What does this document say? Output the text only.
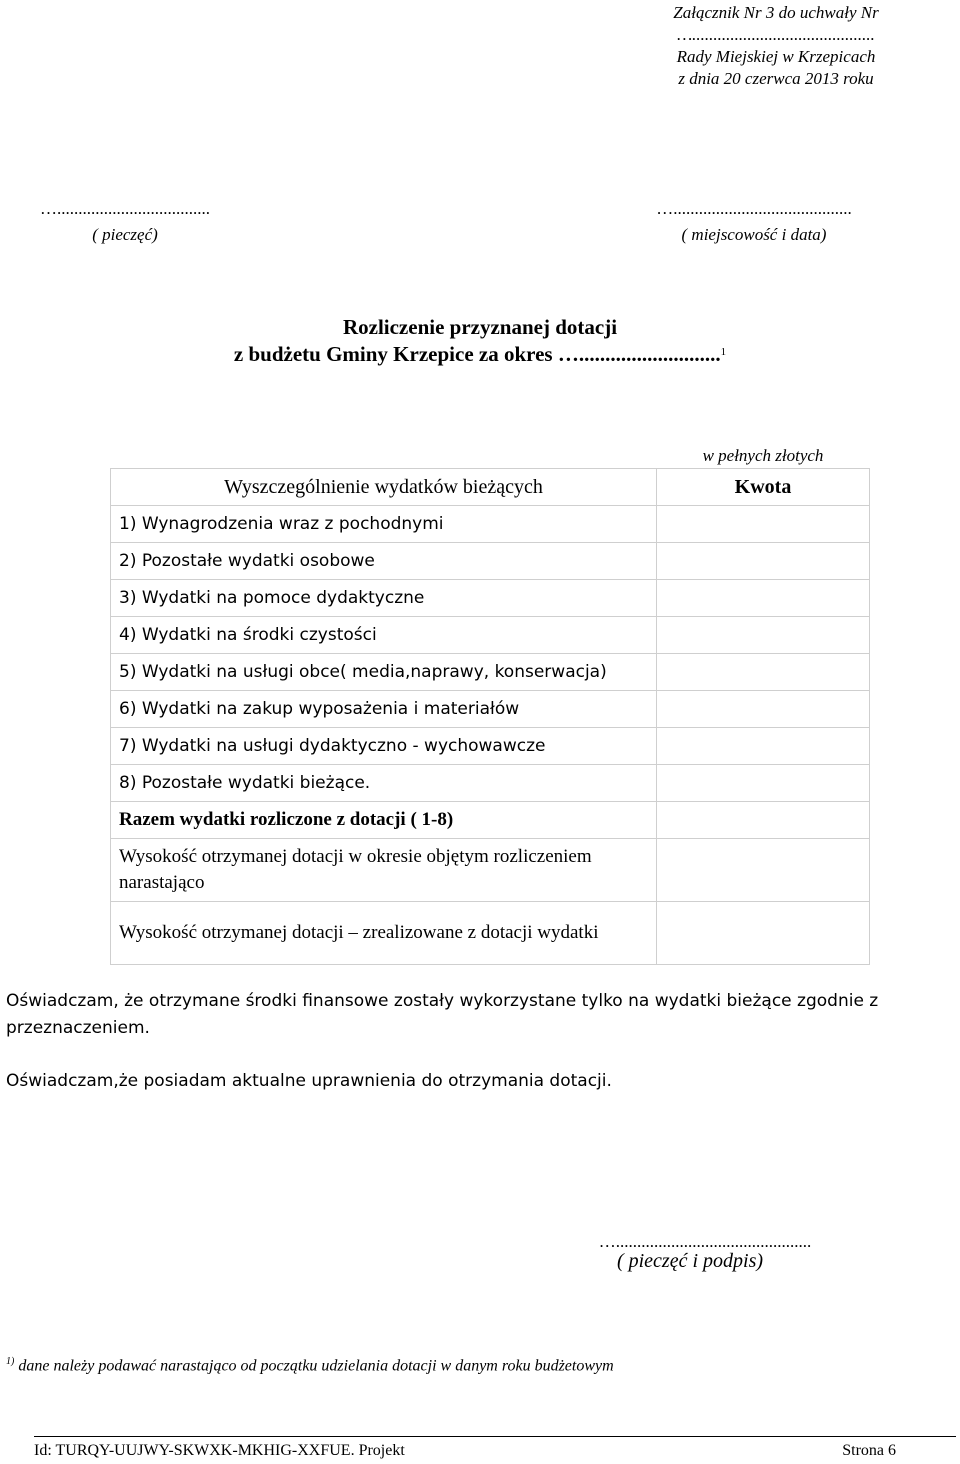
Załącznik Nr 3 do uchwały Nr
…...........................................
Rady Miejskiej w Krzepicach
z dnia 20 czerwca 2013 roku
…....................................
( pieczęć)
…..........................................
( miejscowość i data)
Rozliczenie przyznanej dotacji
z budżetu Gminy Krzepice za okres …...........................$^1$
w pełnych złotych
Wyszczególnienie wydatków bieżących	Kwota
1) Wynagrodzenia wraz z pochodnymi	
2) Pozostałe wydatki osobowe	
3) Wydatki na pomoce dydaktyczne	
4) Wydatki na środki czystości	
5) Wydatki na usługi obce( media,naprawy, konserwacja)	
6) Wydatki na zakup wyposażenia i materiałów	
7) Wydatki na usługi dydaktyczno - wychowawcze	
8) Pozostałe wydatki bieżące.	
Razem wydatki rozliczone z dotacji ( 1-8)	
Wysokość otrzymanej dotacji w okresie objętym rozliczeniem narastająco	
Wysokość otrzymanej dotacji – zrealizowane z dotacji wydatki	
Oświadczam, że otrzymane środki finansowe zostały wykorzystane tylko na wydatki bieżące zgodnie z przeznaczeniem.
Oświadczam,że posiadam aktualne uprawnienia do otrzymania dotacji.
…..............................................
( pieczęć i podpis)
$^{1)}$ dane należy podawać narastająco od początku udzielania dotacji w danym roku budżetowym
Id: TURQY-UUJWY-SKWXK-MKHIG-XXFUE. Projekt	Strona 6
